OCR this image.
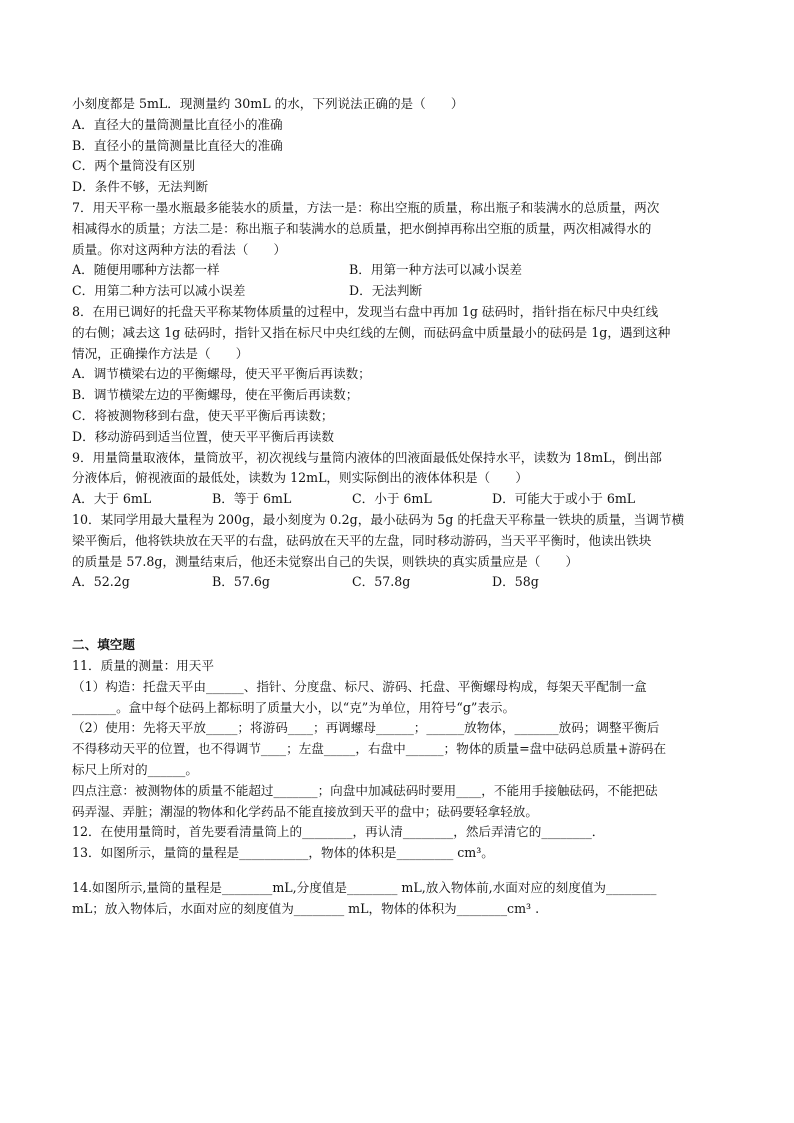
小刻度都是 5mL．现测量约 30mL 的水，下列说法正确的是（　　）
A．直径大的量筒测量比直径小的准确
B．直径小的量筒测量比直径大的准确
C．两个量筒没有区别
D．条件不够，无法判断
7．用天平称一墨水瓶最多能装水的质量，方法一是：称出空瓶的质量，称出瓶子和装满水的总质量，两次
相减得水的质量；方法二是：称出瓶子和装满水的总质量，把水倒掉再称出空瓶的质量，两次相减得水的
质量。你对这两种方法的看法（　　）
A．随便用哪种方法都一样	B．用第一种方法可以减小误差
C．用第二种方法可以减小误差	D．无法判断
8．在用已调好的托盘天平称某物体质量的过程中，发现当右盘中再加 1g 砝码时，指针指在标尺中央红线
的右侧；减去这 1g 砝码时，指针又指在标尺中央红线的左侧，而砝码盒中质量最小的砝码是 1g，遇到这种
情况，正确操作方法是（　　）
A．调节横梁右边的平衡螺母，使天平平衡后再读数；
B．调节横梁左边的平衡螺母，使在平衡后再读数；
C．将被测物移到右盘，使天平平衡后再读数；
D．移动游码到适当位置，使天平平衡后再读数
9．用量筒量取液体，量筒放平，初次视线与量筒内液体的凹液面最低处保持水平，读数为 18mL，倒出部
分液体后，俯视液面的最低处，读数为 12mL，则实际倒出的液体体积是（　　）
A．大于 6mL	B．等于 6mL	C．小于 6mL	D．可能大于或小于 6mL
10．某同学用最大量程为 200g，最小刻度为 0.2g，最小砝码为 5g 的托盘天平称量一铁块的质量，当调节横
梁平衡后，他将铁块放在天平的右盘，砝码放在天平的左盘，同时移动游码，当天平平衡时，他读出铁块
的质量是 57.8g，测量结束后，他还未觉察出自己的失误，则铁块的真实质量应是（　　）
A．52.2g	B．57.6g	C．57.8g	D．58g
二、填空题
11．质量的测量：用天平
（1）构造：托盘天平由______、指针、分度盘、标尺、游码、托盘、平衡螺母构成，每架天平配制一盒
_______。盒中每个砝码上都标明了质量大小，以“克”为单位，用符号“g”表示。
（2）使用：先将天平放_____；将游码____；再调螺母______；______放物体，_______放码；调整平衡后
不得移动天平的位置，也不得调节____；左盘_____，右盘中______；物体的质量=盘中砝码总质量+游码在
标尺上所对的______。
四点注意：被测物体的质量不能超过_______；向盘中加减砝码时要用____，不能用手接触砝码，不能把砝
码弄湿、弄脏；潮湿的物体和化学药品不能直接放到天平的盘中；砝码要轻拿轻放。
12．在使用量筒时，首先要看清量筒上的________，再认清________，然后弄清它的________．
13．如图所示，量筒的量程是___________，物体的体积是_________ cm³。
14.如图所示,量筒的量程是________mL,分度值是________ mL,放入物体前,水面对应的刻度值为________
mL；放入物体后，水面对应的刻度值为________ mL，物体的体积为________cm³ .
